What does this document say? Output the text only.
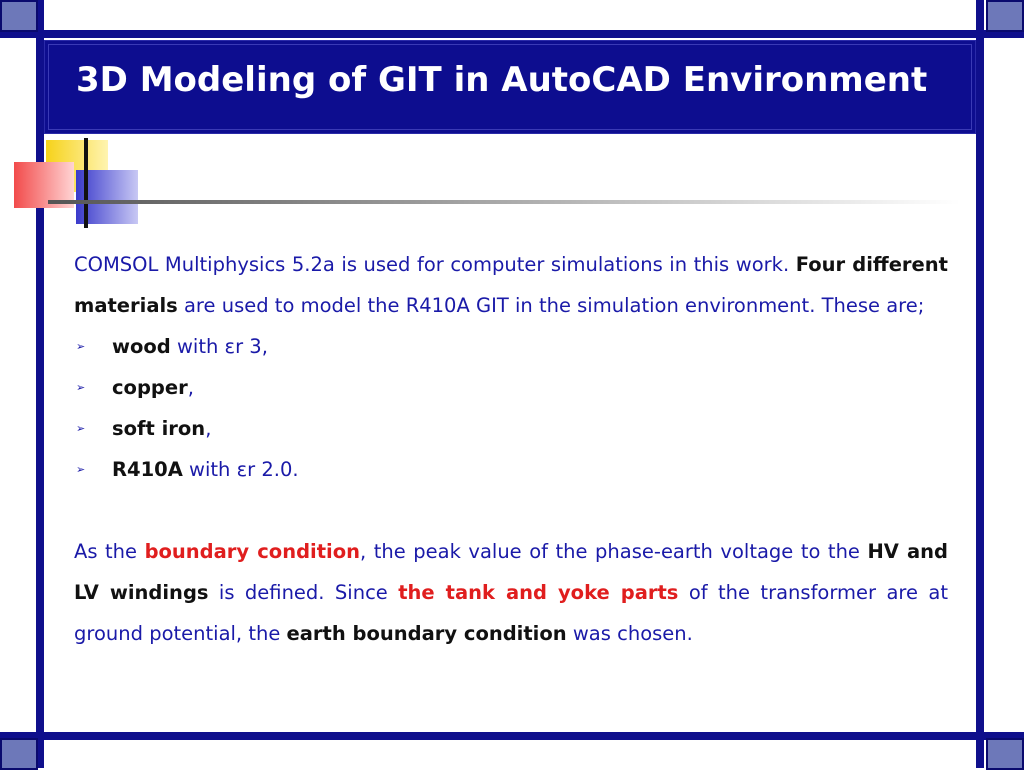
3D Modeling of GIT in AutoCAD Environment

COMSOL Multiphysics 5.2a is used for computer simulations in this work. Four different materials are used to model the R410A GIT in the simulation environment. These are;

➢ wood with εr 3,
➢ copper,
➢ soft iron,
➢ R410A with εr 2.0.

As the boundary condition, the peak value of the phase-earth voltage to the HV and LV windings is defined. Since the tank and yoke parts of the transformer are at ground potential, the earth boundary condition was chosen.
